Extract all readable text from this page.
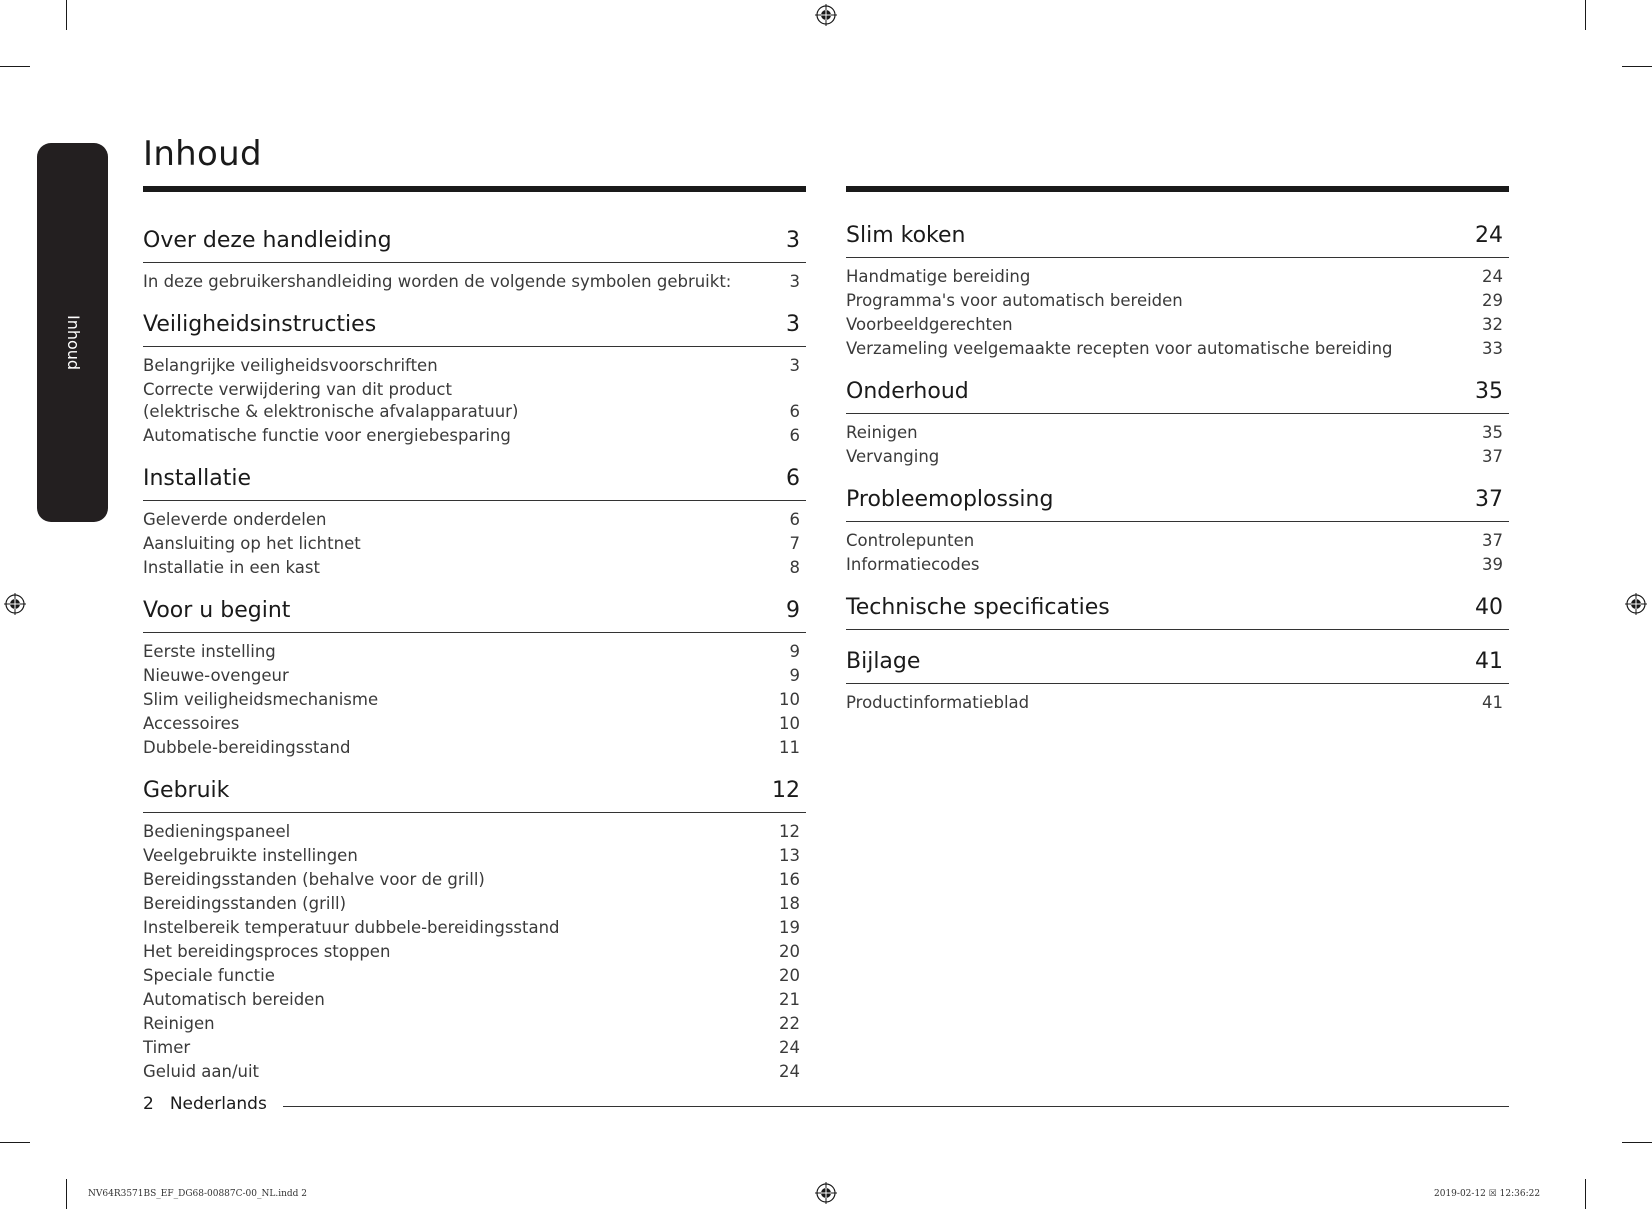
Inhoud
Inhoud
Over deze handleiding	3
In deze gebruikershandleiding worden de volgende symbolen gebruikt:	3
Veiligheidsinstructies	3
Belangrijke veiligheidsvoorschriften	3
Correcte verwijdering van dit product
(elektrische & elektronische afvalapparatuur)	6
Automatische functie voor energiebesparing	6
Installatie	6
Geleverde onderdelen	6
Aansluiting op het lichtnet	7
Installatie in een kast	8
Voor u begint	9
Eerste instelling	9
Nieuwe-ovengeur	9
Slim veiligheidsmechanisme	10
Accessoires	10
Dubbele-bereidingsstand	11
Gebruik	12
Bedieningspaneel	12
Veelgebruikte instellingen	13
Bereidingsstanden (behalve voor de grill)	16
Bereidingsstanden (grill)	18
Instelbereik temperatuur dubbele-bereidingsstand	19
Het bereidingsproces stoppen	20
Speciale functie	20
Automatisch bereiden	21
Reinigen	22
Timer	24
Geluid aan/uit	24
Slim koken	24
Handmatige bereiding	24
Programma's voor automatisch bereiden	29
Voorbeeldgerechten	32
Verzameling veelgemaakte recepten voor automatische bereiding	33
Onderhoud	35
Reinigen	35
Vervanging	37
Probleemoplossing	37
Controlepunten	37
Informatiecodes	39
Technische specificaties	40
Bijlage	41
Productinformatieblad	41
2 Nederlands
NV64R3571BS_EF_DG68-00887C-00_NL.indd 2	2019-02-12 ☒ 12:36:22
